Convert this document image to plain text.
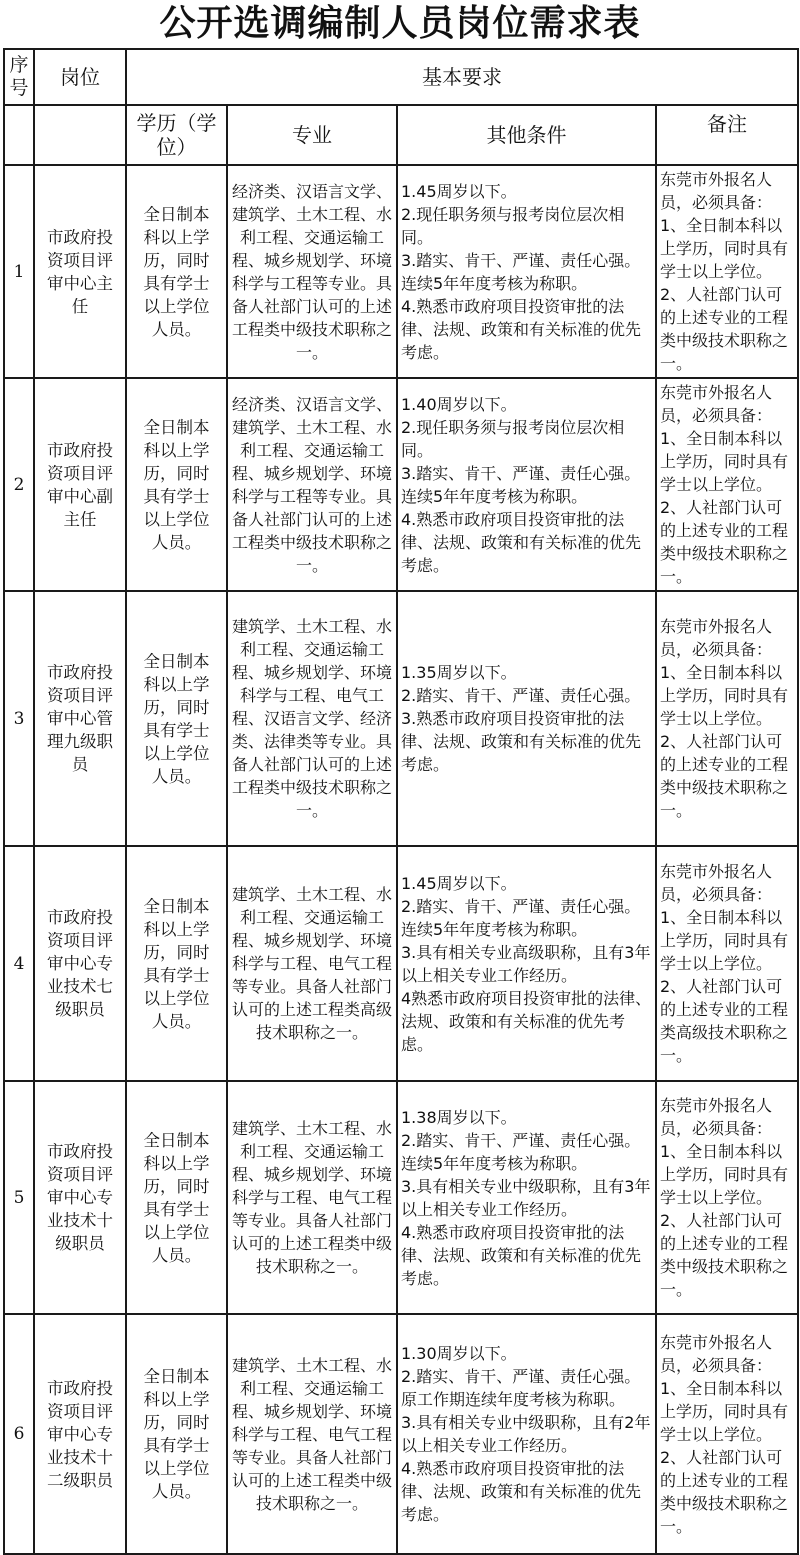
公开选调编制人员岗位需求表
序号	岗位	基本要求			
		学历（学位）	专业	其他条件	备注
1	市政府投资项目评审中心主任	全日制本科以上学历，同时具有学士以上学位人员。	经济类、汉语言文学、建筑学、土木工程、水利工程、交通运输工程、城乡规划学、环境科学与工程等专业。具备人社部门认可的上述工程类中级技术职称之一。	1.45周岁以下。
2.现任职务须与报考岗位层次相同。
3.踏实、肯干、严谨、责任心强。连续5年年度考核为称职。
4.熟悉市政府项目投资审批的法律、法规、政策和有关标准的优先考虑。	东莞市外报名人员，必须具备：1、全日制本科以上学历，同时具有学士以上学位。2、人社部门认可的上述专业的工程类中级技术职称之一。
2	市政府投资项目评审中心副主任	全日制本科以上学历，同时具有学士以上学位人员。	经济类、汉语言文学、建筑学、土木工程、水利工程、交通运输工程、城乡规划学、环境科学与工程等专业。具备人社部门认可的上述工程类中级技术职称之一。	1.40周岁以下。
2.现任职务须与报考岗位层次相同。
3.踏实、肯干、严谨、责任心强。连续5年年度考核为称职。
4.熟悉市政府项目投资审批的法律、法规、政策和有关标准的优先考虑。	东莞市外报名人员，必须具备：1、全日制本科以上学历，同时具有学士以上学位。2、人社部门认可的上述专业的工程类中级技术职称之一。
3	市政府投资项目评审中心管理九级职员	全日制本科以上学历，同时具有学士以上学位人员。	建筑学、土木工程、水利工程、交通运输工程、城乡规划学、环境科学与工程、电气工程、汉语言文学、经济类、法律类等专业。具备人社部门认可的上述工程类中级技术职称之一。	1.35周岁以下。
2.踏实、肯干、严谨、责任心强。
3.熟悉市政府项目投资审批的法律、法规、政策和有关标准的优先考虑。	东莞市外报名人员，必须具备：1、全日制本科以上学历，同时具有学士以上学位。2、人社部门认可的上述专业的工程类中级技术职称之一。
4	市政府投资项目评审中心专业技术七级职员	全日制本科以上学历，同时具有学士以上学位人员。	建筑学、土木工程、水利工程、交通运输工程、城乡规划学、环境科学与工程、电气工程等专业。具备人社部门认可的上述工程类高级技术职称之一。	1.45周岁以下。
2.踏实、肯干、严谨、责任心强。连续5年年度考核为称职。
3.具有相关专业高级职称，且有3年以上相关专业工作经历。
4熟悉市政府项目投资审批的法律、法规、政策和有关标准的优先考虑。	东莞市外报名人员，必须具备：1、全日制本科以上学历，同时具有学士以上学位。2、人社部门认可的上述专业的工程类高级技术职称之一。
5	市政府投资项目评审中心专业技术十级职员	全日制本科以上学历，同时具有学士以上学位人员。	建筑学、土木工程、水利工程、交通运输工程、城乡规划学、环境科学与工程、电气工程等专业。具备人社部门认可的上述工程类中级技术职称之一。	1.38周岁以下。
2.踏实、肯干、严谨、责任心强。连续5年年度考核为称职。
3.具有相关专业中级职称，且有3年以上相关专业工作经历。
4.熟悉市政府项目投资审批的法律、法规、政策和有关标准的优先考虑。	东莞市外报名人员，必须具备：1、全日制本科以上学历，同时具有学士以上学位。2、人社部门认可的上述专业的工程类中级技术职称之一。
6	市政府投资项目评审中心专业技术十二级职员	全日制本科以上学历，同时具有学士以上学位人员。	建筑学、土木工程、水利工程、交通运输工程、城乡规划学、环境科学与工程、电气工程等专业。具备人社部门认可的上述工程类中级技术职称之一。	1.30周岁以下。
2.踏实、肯干、严谨、责任心强。原工作期连续年度考核为称职。
3.具有相关专业中级职称，且有2年以上相关专业工作经历。
4.熟悉市政府项目投资审批的法律、法规、政策和有关标准的优先考虑。	东莞市外报名人员，必须具备：1、全日制本科以上学历，同时具有学士以上学位。2、人社部门认可的上述专业的工程类中级技术职称之一。
